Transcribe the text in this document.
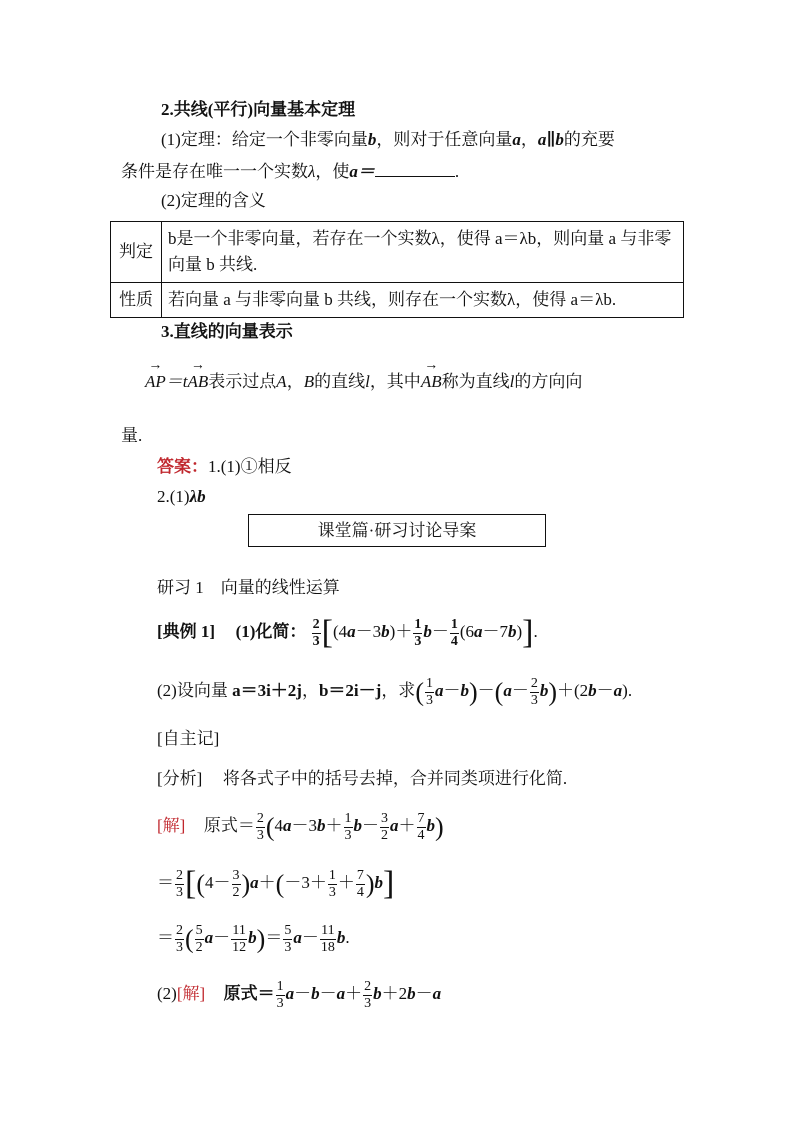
2.共线(平行)向量基本定理
(1)定理：给定一个非零向量b，则对于任意向量a，a∥b的充要
条件是存在唯一一个实数λ，使a＝	.
(2)定理的含义
判定	b是一个非零向量，若存在一个实数λ，使得 a＝λb，则向量 a 与非零向量 b 共线.
性质	若向量 a 与非零向量 b 共线，则存在一个实数λ，使得 a＝λb.
3.直线的向量表示
→
AP＝t
→
AB表示过点A，B的直线l，其中
→
AB称为直线l的方向向
量.
答案：1.(1)①相反
2.(1)λb
课堂篇·研习讨论导案
研习 1　向量的线性运算
[典例 1] (1)化简： $\frac{2}{3} [(4a-3b)+ \frac{1}{3} b- \frac{1}{4} (6a-7b)]$.
(2)设向量 a＝3i＋2j，b＝2i－j，求( $\frac{1}{3} a-b)-(a- \frac{2}{3} b)+(2b-a)$.
[自主记]
[分析] 将各式子中的括号去掉，合并同类项进行化简.
[解] 原式＝ $\frac{2}{3} (4a-3b+ \frac{1}{3} b- \frac{3}{2} a+ \frac{7}{4} b)$
＝ $\frac{2}{3} [(4- \frac{3}{2} )a+(-3+ \frac{1}{3} + \frac{7}{4} )b]$
＝ $\frac{2}{3}$ ( $\frac{5}{2} a- \frac{11}{12} b)= \frac{5}{3} a- \frac{11}{18} b$.
(2)[解] 原式＝ $\frac{1}{3} a-b-a+ \frac{2}{3} b+2b-a$
